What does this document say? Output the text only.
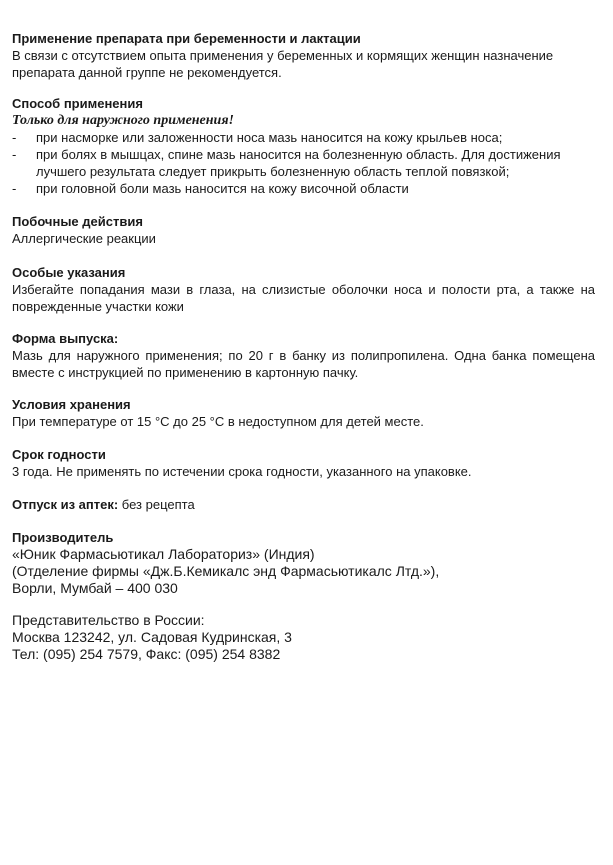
Применение препарата при беременности и лактации

В связи с отсутствием опыта применения у беременных и кормящих женщин назначение препарата данной группе не рекомендуется.

Способ применения

Только для наружного применения!

- при насморке или заложенности носа мазь наносится на кожу крыльев носа;
- при болях в мышцах, спине мазь наносится на болезненную область. Для достижения лучшего результата следует прикрыть болезненную область теплой повязкой;
- при головной боли мазь наносится на кожу височной области

Побочные действия

Аллергические реакции

Особые указания

Избегайте попадания мази в глаза, на слизистые оболочки носа и полости рта, а также на поврежденные участки кожи

Форма выпуска:

Мазь для наружного применения; по 20 г в банку из полипропилена. Одна банка помещена вместе с инструкцией по применению в картонную пачку.

Условия хранения

При температуре от 15 °С до 25 °С в недоступном для детей месте.

Срок годности

3 года. Не применять по истечении срока годности, указанного на упаковке.

Отпуск из аптек: без рецепта

Производитель

«Юник Фармасьютикал Лабораториз» (Индия)
(Отделение фирмы «Дж.Б.Кемикалс энд Фармасьютикалс Лтд.»),
Ворли, Мумбай – 400 030

Представительство в России:
Москва 123242, ул. Садовая Кудринская, 3
Тел: (095) 254 7579, Факс: (095) 254 8382
